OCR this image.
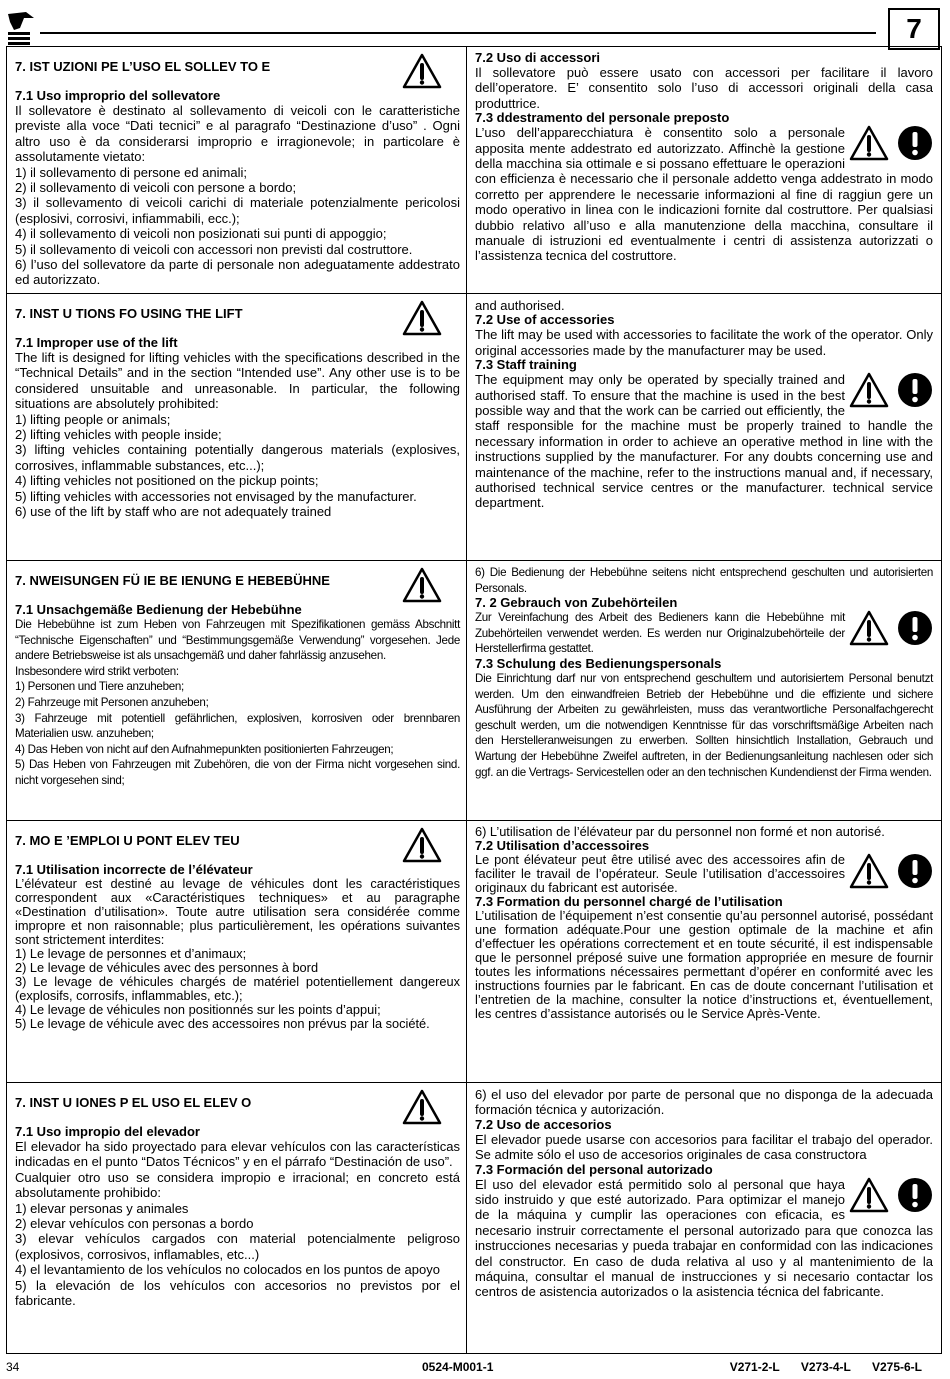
7
7. IST UZIONI PE L’USO EL SOLLEV TO E

7.1 Uso improprio del sollevatore

Il sollevatore è destinato al sollevamento di veicoli con le caratteristiche previste alla voce “Dati tecnici” e al paragrafo “Destinazione d’uso” . Ogni altro uso è da considerarsi improprio e irragionevole; in particolare è assolutamente vietato:

1) il sollevamento di persone ed animali;

2) il sollevamento di veicoli con persone a bordo;

3) il sollevamento di veicoli carichi di materiale potenzialmente pericolosi (esplosivi, corrosivi, infiammabili, ecc.);

4) il sollevamento di veicoli non posizionati sui punti di appoggio;

5) il sollevamento di veicoli con accessori non previsti dal costruttore.

6) l’uso del sollevatore da parte di personale non adeguatamente addestrato ed autorizzato.

7.2 Uso di accessori

Il sollevatore può essere usato con accessori per facilitare il lavoro dell’operatore. E’ consentito solo l’uso di accessori originali della casa produttrice.

7.3 ddestramento del personale preposto

L’uso dell’apparecchiatura è consentito solo a personale apposita mente addestrato ed autorizzato. Affinchè la gestione della macchina sia ottimale e si possano effettuare le operazioni con efficienza è necessario che il personale addetto venga addestrato in modo corretto per apprendere le necessarie informazioni al fine di raggiun gere un modo operativo in linea con le indicazioni fornite dal costruttore. Per qualsiasi dubbio relativo all’uso e alla manutenzione della macchina, consultare il manuale di istruzioni ed eventualmente i centri di assistenza autorizzati o l’assistenza tecnica del costruttore.

7. INST U TIONS FO USING THE LIFT

7.1 Improper use of the lift

The lift is designed for lifting vehicles with the specifications described in the “Technical Details” and in the section “Intended use”. Any other use is to be considered unsuitable and unreasonable. In particular, the following situations are absolutely prohibited:

1) lifting people or animals;

2) lifting vehicles with people inside;

3) lifting vehicles containing potentially dangerous materials (explosives, corrosives, inflammable substances, etc...);

4) lifting vehicles not positioned on the pickup points;

5) lifting vehicles with accessories not envisaged by the manufacturer.

6) use of the lift by staff who are not adequately trained

and authorised.

7.2 Use of accessories

The lift may be used with accessories to facilitate the work of the operator. Only original accessories made by the manufacturer may be used.

7.3 Staff training

The equipment may only be operated by specially trained and authorised staff. To ensure that the machine is used in the best possible way and that the work can be carried out efficiently, the staff responsible for the machine must be properly trained to handle the necessary information in order to achieve an operative method in line with the instructions supplied by the manufacturer. For any doubts concerning use and maintenance of the machine, refer to the instructions manual and, if necessary, authorised technical service centres or the manufacturer. technical service department.

7. NWEISUNGEN FÜ IE BE IENUNG E HEBEBÜHNE

7.1 Unsachgemäße Bedienung der Hebebühne

Die Hebebühne ist zum Heben von Fahrzeugen mit Spezifikationen gemäss Abschnitt “Technische Eigenschaften” und “Bestimmungsgemäße Verwendung” vorgesehen. Jede andere Betriebsweise ist als unsachgemäß und daher fahrlässig anzusehen.

Insbesondere wird strikt verboten:

1) Personen und Tiere anzuheben;

2) Fahrzeuge mit Personen anzuheben;

3) Fahrzeuge mit potentiell gefährlichen, explosiven, korrosiven oder brennbaren Materialien usw. anzuheben;

4) Das Heben von nicht auf den Aufnahmepunkten positionierten Fahrzeugen;

5) Das Heben von Fahrzeugen mit Zubehören, die von der Firma nicht vorgesehen sind. nicht vorgesehen sind;

6) Die Bedienung der Hebebühne seitens nicht entsprechend geschulten und autorisierten Personals.

7. 2 Gebrauch von Zubehörteilen

Zur Vereinfachung des Arbeit des Bedieners kann die Hebebühne mit Zubehörteilen verwendet werden. Es werden nur Originalzubehörteile der Herstellerfirma gestattet.

7.3 Schulung des Bedienungspersonals

Die Einrichtung darf nur von entsprechend geschultem und autorisiertem Personal benutzt werden. Um den einwandfreien Betrieb der Hebebühne und die effiziente und sichere Ausführung der Arbeiten zu gewährleisten, muss das verantwortliche Personalfachgerecht geschult werden, um die notwendigen Kenntnisse für das vorschriftsmäßige Arbeiten nach den Herstelleranweisungen zu erwerben. Sollten hinsichtlich Installation, Gebrauch und Wartung der Hebebühne Zweifel auftreten, in der Bedienungsanleitung nachlesen oder sich ggf. an die Vertrags- Servicestellen oder an den technischen Kundendienst der Firma wenden.

7. MO E ’EMPLOI U PONT ELEV TEU

7.1 Utilisation incorrecte de l’élévateur

L’élévateur est destiné au levage de véhicules dont les caractéristiques correspondent aux «Caractéristiques techniques» et au paragraphe «Destination d’utilisation». Toute autre utilisation sera considérée comme impropre et non raisonnable; plus particulièrement, les opérations suivantes sont strictement interdites:

1) Le levage de personnes et d’animaux;

2) Le levage de véhicules avec des personnes à bord

3) Le levage de véhicules chargés de matériel potentiellement dangereux (explosifs, corrosifs, inflammables, etc.);

4) Le levage de véhicules non positionnés sur les points d’appui;

5) Le levage de véhicule avec des accessoires non prévus par la société.

6) L’utilisation de l’élévateur par du personnel non formé et non autorisé.

7.2 Utilisation d’accessoires

Le pont élévateur peut être utilisé avec des accessoires afin de faciliter le travail de l’opérateur. Seule l’utilisation d’accessoires originaux du fabricant est autorisée.

7.3 Formation du personnel chargé de l’utilisation

L’utilisation de l’équipement n’est consentie qu’au personnel autorisé, possédant une formation adéquate.Pour une gestion optimale de la machine et afin d’effectuer les opérations correctement et en toute sécurité, il est indispensable que le personnel préposé suive une formation appropriée en mesure de fournir toutes les informations nécessaires permettant d’opérer en conformité avec les instructions fournies par le fabricant. En cas de doute concernant l’utilisation et l’entretien de la machine, consulter la notice d’instructions et, éventuellement, les centres d’assistance autorisés ou le Service Après-Vente.

7. INST U IONES P EL USO EL ELEV O

7.1 Uso impropio del elevador

El elevador ha sido proyectado para elevar vehículos con las características indicadas en el punto “Datos Técnicos” y en el párrafo “Destinación de uso”.

Cualquier otro uso se considera impropio e irracional; en concreto está absolutamente prohibido:

1) elevar personas y animales

2) elevar vehículos con personas a bordo

3) elevar vehículos cargados con material potencialmente peligroso (explosivos, corrosivos, inflamables, etc...)

4) el levantamiento de los vehículos no colocados en los puntos de apoyo

5) la elevación de los vehículos con accesorios no previstos por el fabricante.

6) el uso del elevador por parte de personal que no disponga de la adecuada formación técnica y autorización.

7.2 Uso de accesorios

El elevador puede usarse con accesorios para facilitar el trabajo del operador. Se admite sólo el uso de accesorios originales de casa constructora

7.3 Formación del personal autorizado

El uso del elevador está permitido solo al personal que haya sido instruido y que esté autorizado. Para optimizar el manejo de la máquina y cumplir las operaciones con eficacia, es necesario instruir correctamente el personal autorizado para que conozca las instrucciones necesarias y pueda trabajar en conformidad con las indicaciones del constructor. En caso de duda relativa al uso y al mantenimiento de la máquina, consultar el manual de instrucciones y si necesario contactar los centros de asistencia autorizados o la asistencia técnica del fabricante.

34	0524-M001-1	V271-2-L V273-4-L V275-6-L
